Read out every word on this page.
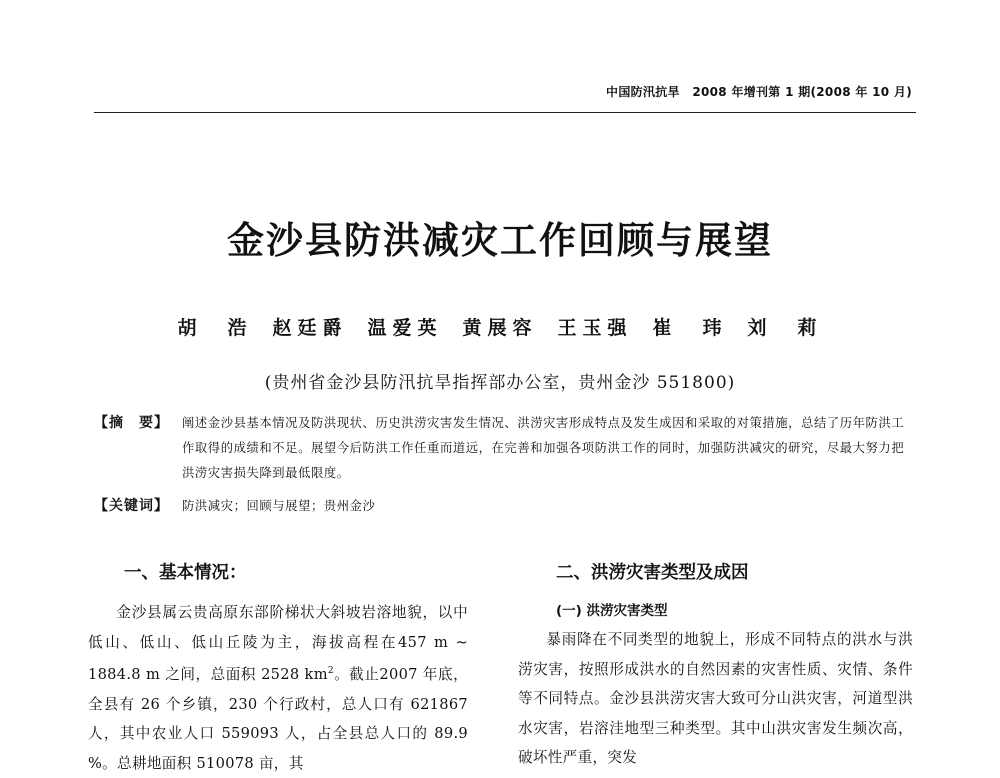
中国防汛抗旱 2008 年增刊第 1 期(2008 年 10 月)
金沙县防洪减灾工作回顾与展望
胡　浩 赵廷爵 温爱英 黄展容 王玉强 崔　玮 刘　莉
(贵州省金沙县防汛抗旱指挥部办公室，贵州金沙 551800)
【摘　要】	阐述金沙县基本情况及防洪现状、历史洪涝灾害发生情况、洪涝灾害形成特点及发生成因和采取的对策措施，总结了历年防洪工作取得的成绩和不足。展望今后防洪工作任重而道远，在完善和加强各项防洪工作的同时，加强防洪减灾的研究，尽最大努力把洪涝灾害损失降到最低限度。
【关键词】	防洪减灾；回顾与展望；贵州金沙
一、基本情况：

金沙县属云贵高原东部阶梯状大斜坡岩溶地貌，以中低山、低山、低山丘陵为主，海拔高程在457 m ~ 1884.8 m 之间，总面积 2528 $km^2$。截止2007 年底，全县有 26 个乡镇，230 个行政村，总人口有 621867 人，其中农业人口 559093 人，占全县总人口的 89.9 %。总耕地面积 510078 亩，其

二、洪涝灾害类型及成因
(一) 洪涝灾害类型

暴雨降在不同类型的地貌上，形成不同特点的洪水与洪涝灾害，按照形成洪水的自然因素的灾害性质、灾情、条件等不同特点。金沙县洪涝灾害大致可分山洪灾害，河道型洪水灾害，岩溶洼地型三种类型。其中山洪灾害发生频次高，破坏性严重，突发
